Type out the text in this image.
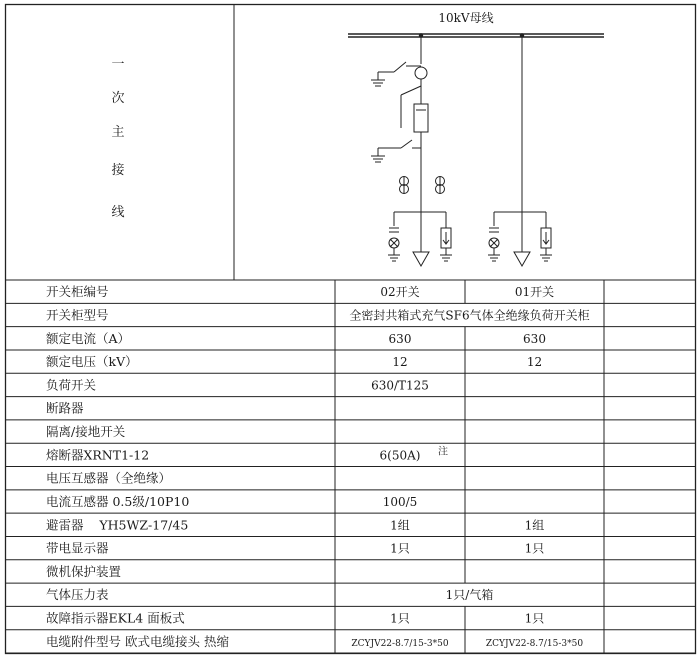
一
次
主
接
线
10kV母线
开关柜编号	02开关	01开关
开关柜型号	全密封共箱式充气SF6气体全绝缘负荷开关柜
额定电流（A）	630	630
额定电压（kV）	12	12
负荷开关	630/T125
断路器
隔离/接地开关
熔断器XRNT1-12	6(50A) 注
电压互感器（全绝缘）
电流互感器 0.5级/10P10	100/5
避雷器    YH5WZ-17/45	1组	1组
带电显示器	1只	1只
微机保护装置
气体压力表	1只/气箱
故障指示器EKL4 面板式	1只	1只
电缆附件型号 欧式电缆接头 热缩	ZCYJV22-8.7/15-3*50	ZCYJV22-8.7/15-3*50
